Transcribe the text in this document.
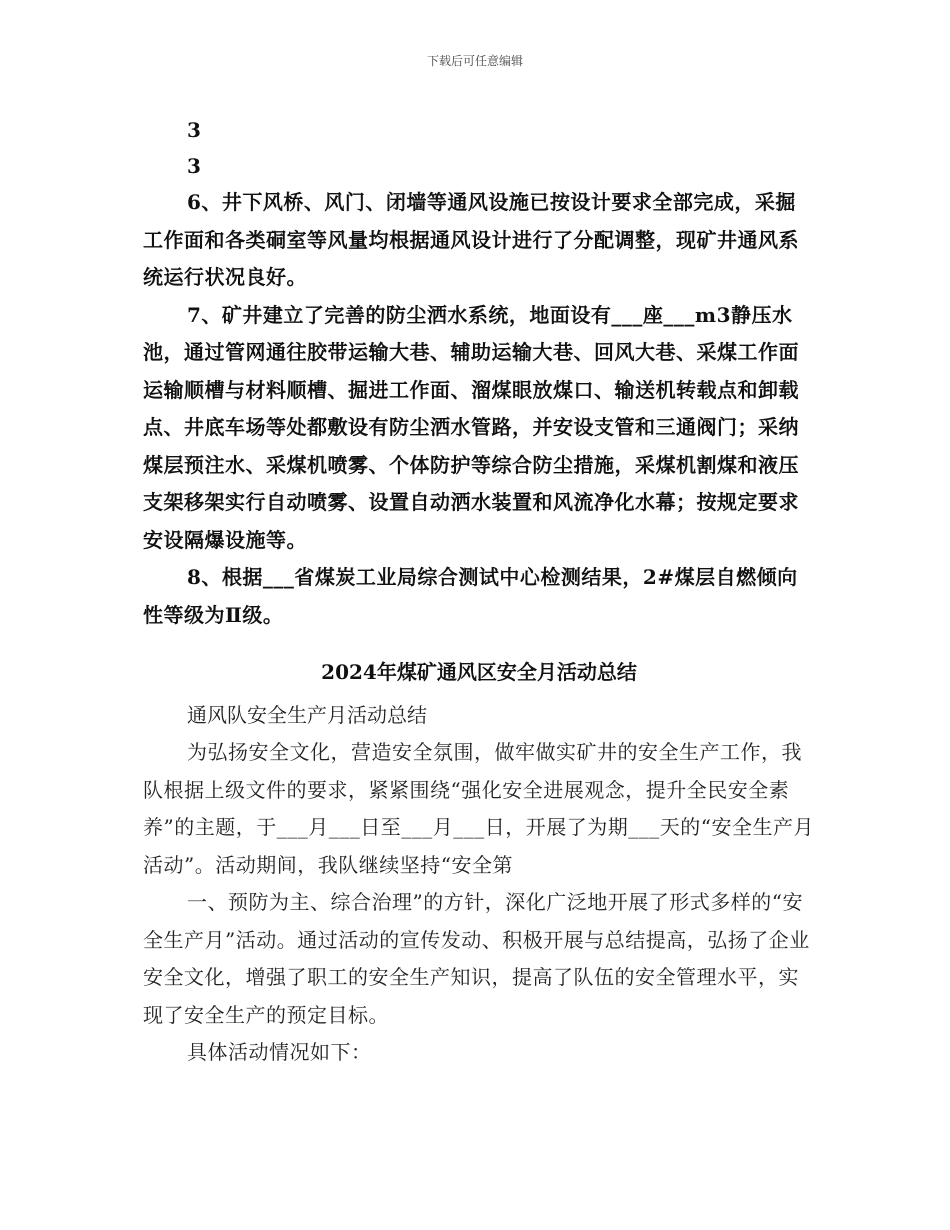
下载后可任意编辑
3
3

6、井下风桥、风门、闭墙等通风设施已按设计要求全部完成，采掘工作面和各类硐室等风量均根据通风设计进行了分配调整，现矿井通风系统运行状况良好。

7、矿井建立了完善的防尘洒水系统，地面设有___座___m3静压水池，通过管网通往胶带运输大巷、辅助运输大巷、回风大巷、采煤工作面运输顺槽与材料顺槽、掘进工作面、溜煤眼放煤口、输送机转载点和卸载点、井底车场等处都敷设有防尘洒水管路，并安设支管和三通阀门；采纳煤层预注水、采煤机喷雾、个体防护等综合防尘措施，采煤机割煤和液压支架移架实行自动喷雾、设置自动洒水装置和风流净化水幕；按规定要求安设隔爆设施等。

8、根据___省煤炭工业局综合测试中心检测结果，2#煤层自燃倾向性等级为Ⅱ级。

2024年煤矿通风区安全月活动总结

通风队安全生产月活动总结

为弘扬安全文化，营造安全氛围，做牢做实矿井的安全生产工作，我队根据上级文件的要求，紧紧围绕“强化安全进展观念，提升全民安全素养”的主题，于___月___日至___月___日，开展了为期___天的“安全生产月活动”。活动期间，我队继续坚持“安全第

一、预防为主、综合治理”的方针，深化广泛地开展了形式多样的“安全生产月”活动。通过活动的宣传发动、积极开展与总结提高，弘扬了企业安全文化，增强了职工的安全生产知识，提高了队伍的安全管理水平，实现了安全生产的预定目标。

具体活动情况如下：
